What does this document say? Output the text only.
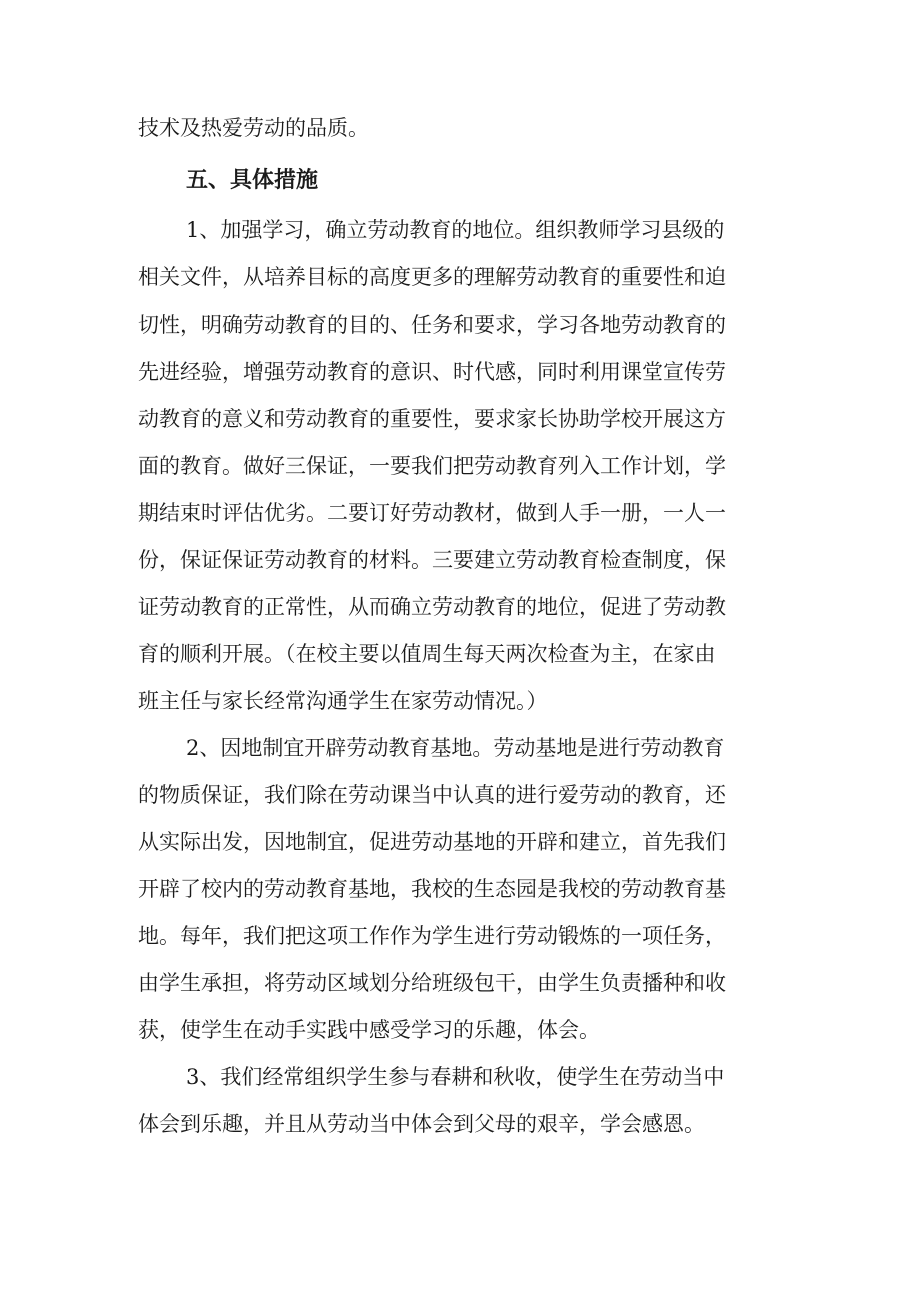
技术及热爱劳动的品质。

五、具体措施

1、加强学习，确立劳动教育的地位。组织教师学习县级的

相关文件，从培养目标的高度更多的理解劳动教育的重要性和迫

切性，明确劳动教育的目的、任务和要求，学习各地劳动教育的

先进经验，增强劳动教育的意识、时代感，同时利用课堂宣传劳

动教育的意义和劳动教育的重要性，要求家长协助学校开展这方

面的教育。做好三保证，一要我们把劳动教育列入工作计划，学

期结束时评估优劣。二要订好劳动教材，做到人手一册，一人一

份，保证保证劳动教育的材料。三要建立劳动教育检查制度，保

证劳动教育的正常性，从而确立劳动教育的地位，促进了劳动教

育的顺利开展。（在校主要以值周生每天两次检查为主，在家由

班主任与家长经常沟通学生在家劳动情况。）

2、因地制宜开辟劳动教育基地。劳动基地是进行劳动教育

的物质保证，我们除在劳动课当中认真的进行爱劳动的教育，还

从实际出发，因地制宜，促进劳动基地的开辟和建立，首先我们

开辟了校内的劳动教育基地，我校的生态园是我校的劳动教育基

地。每年，我们把这项工作作为学生进行劳动锻炼的一项任务，

由学生承担，将劳动区域划分给班级包干，由学生负责播种和收

获，使学生在动手实践中感受学习的乐趣，体会。

3、我们经常组织学生参与春耕和秋收，使学生在劳动当中

体会到乐趣，并且从劳动当中体会到父母的艰辛，学会感恩。
